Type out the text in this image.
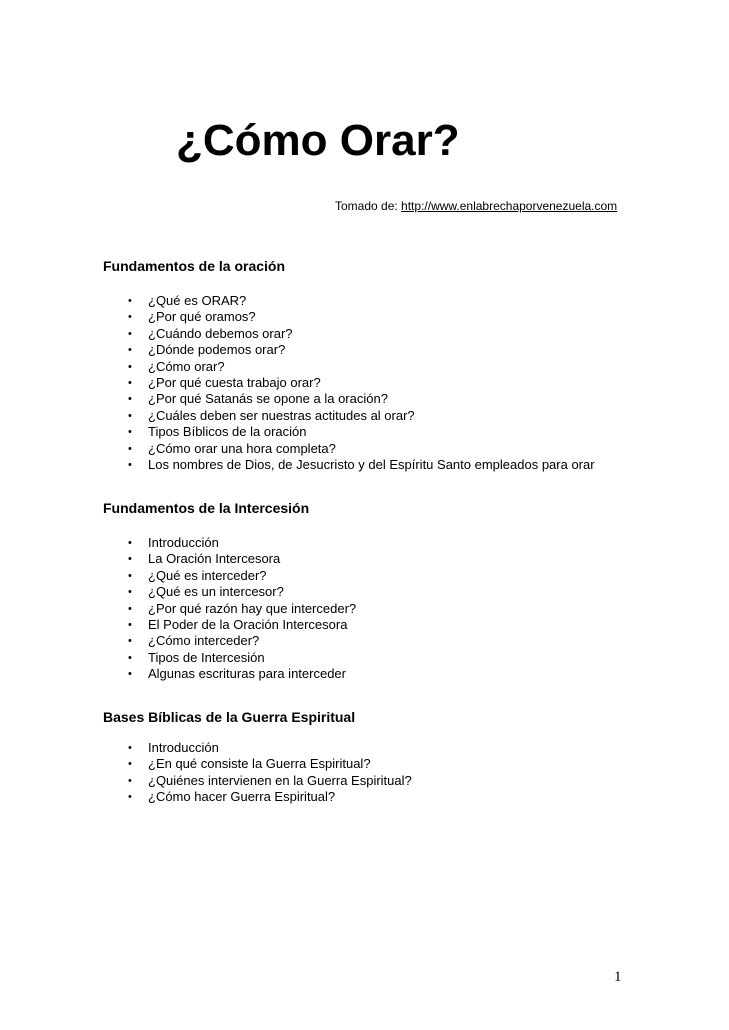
¿Cómo Orar?
Tomado de: http://www.enlabrechaporvenezuela.com
Fundamentos de la oración
• ¿Qué es ORAR?
• ¿Por qué oramos?
• ¿Cuándo debemos orar?
• ¿Dónde podemos orar?
• ¿Cómo orar?
• ¿Por qué cuesta trabajo orar?
• ¿Por qué Satanás se opone a la oración?
• ¿Cuáles deben ser nuestras actitudes al orar?
• Tipos Bíblicos de la oración
• ¿Cómo orar una hora completa?
• Los nombres de Dios, de Jesucristo y del Espíritu Santo empleados para orar
Fundamentos de la Intercesión
• Introducción
• La Oración Intercesora
• ¿Qué es interceder?
• ¿Qué es un intercesor?
• ¿Por qué razón hay que interceder?
• El Poder de la Oración Intercesora
• ¿Cómo interceder?
• Tipos de Intercesión
• Algunas escrituras para interceder
Bases Bíblicas de la Guerra Espiritual
• Introducción
• ¿En qué consiste la Guerra Espiritual?
• ¿Quiénes intervienen en la Guerra Espiritual?
• ¿Cómo hacer Guerra Espiritual?
1
